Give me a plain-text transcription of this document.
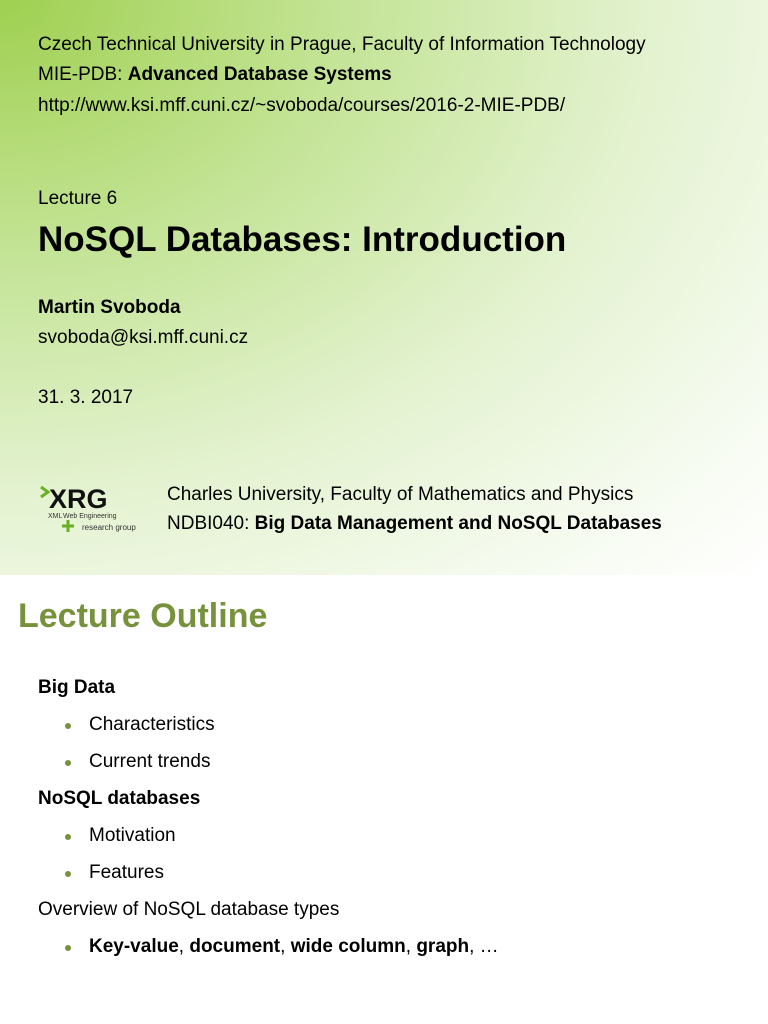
Czech Technical University in Prague, Faculty of Information Technology
MIE-PDB: Advanced Database Systems
http://www.ksi.mff.cuni.cz/~svoboda/courses/2016-2-MIE-PDB/
Lecture 6
NoSQL Databases: Introduction
Martin Svoboda
svoboda@ksi.mff.cuni.cz
31. 3. 2017
XRG
XML Web Engineering
research group
Charles University, Faculty of Mathematics and Physics
NDBI040: Big Data Management and NoSQL Databases
Lecture Outline
Big Data
Characteristics
Current trends
NoSQL databases
Motivation
Features
Overview of NoSQL database types
Key-value, document, wide column, graph, …
